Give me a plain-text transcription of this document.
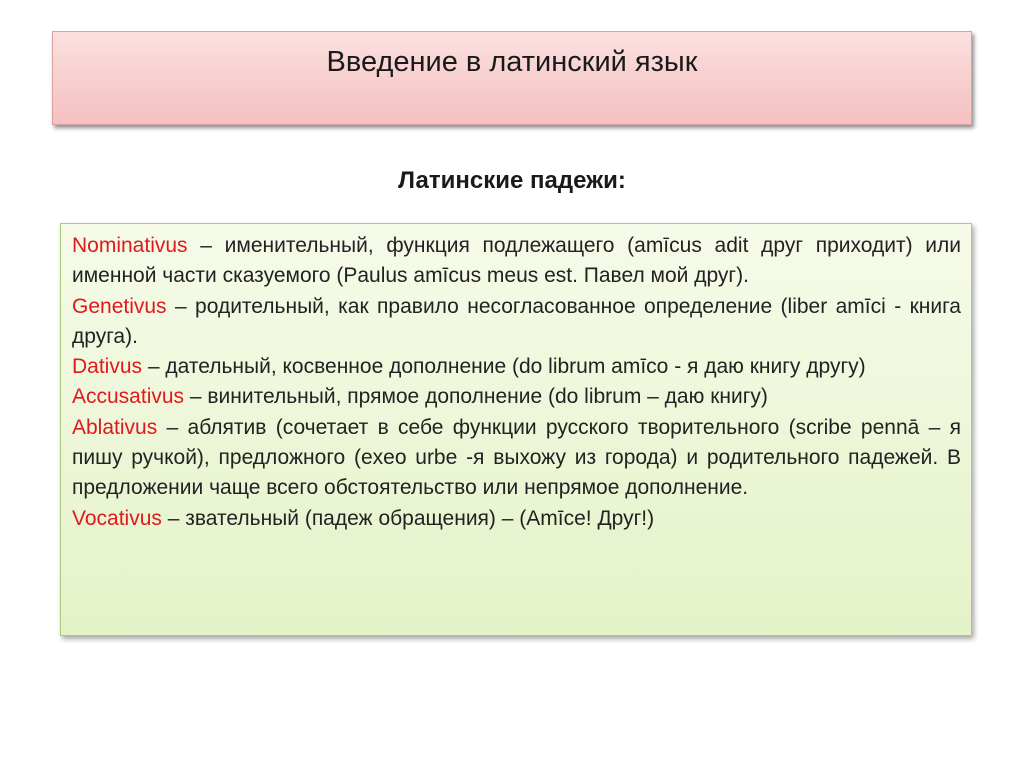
Введение в латинский язык
Латинские падежи:

Nominativus – именительный, функция подлежащего (amīcus adit друг приходит) или именной части сказуемого (Paulus amīcus meus est. Павел мой друг).

Genetivus – родительный, как правило несогласованное определение (liber amīci - книга друга).

Dativus – дательный, косвенное дополнение (do librum amīco - я даю книгу другу)

Accusativus – винительный, прямое дополнение (do librum – даю книгу)

Ablativus – аблятив (сочетает в себе функции русского творительного (scribe pennā – я пишу ручкой), предложного (exeo urbe -я выхожу из города) и родительного падежей. В предложении чаще всего обстоятельство или непрямое дополнение.

Vocativus – звательный (падеж обращения) – (Amīce! Друг!)
